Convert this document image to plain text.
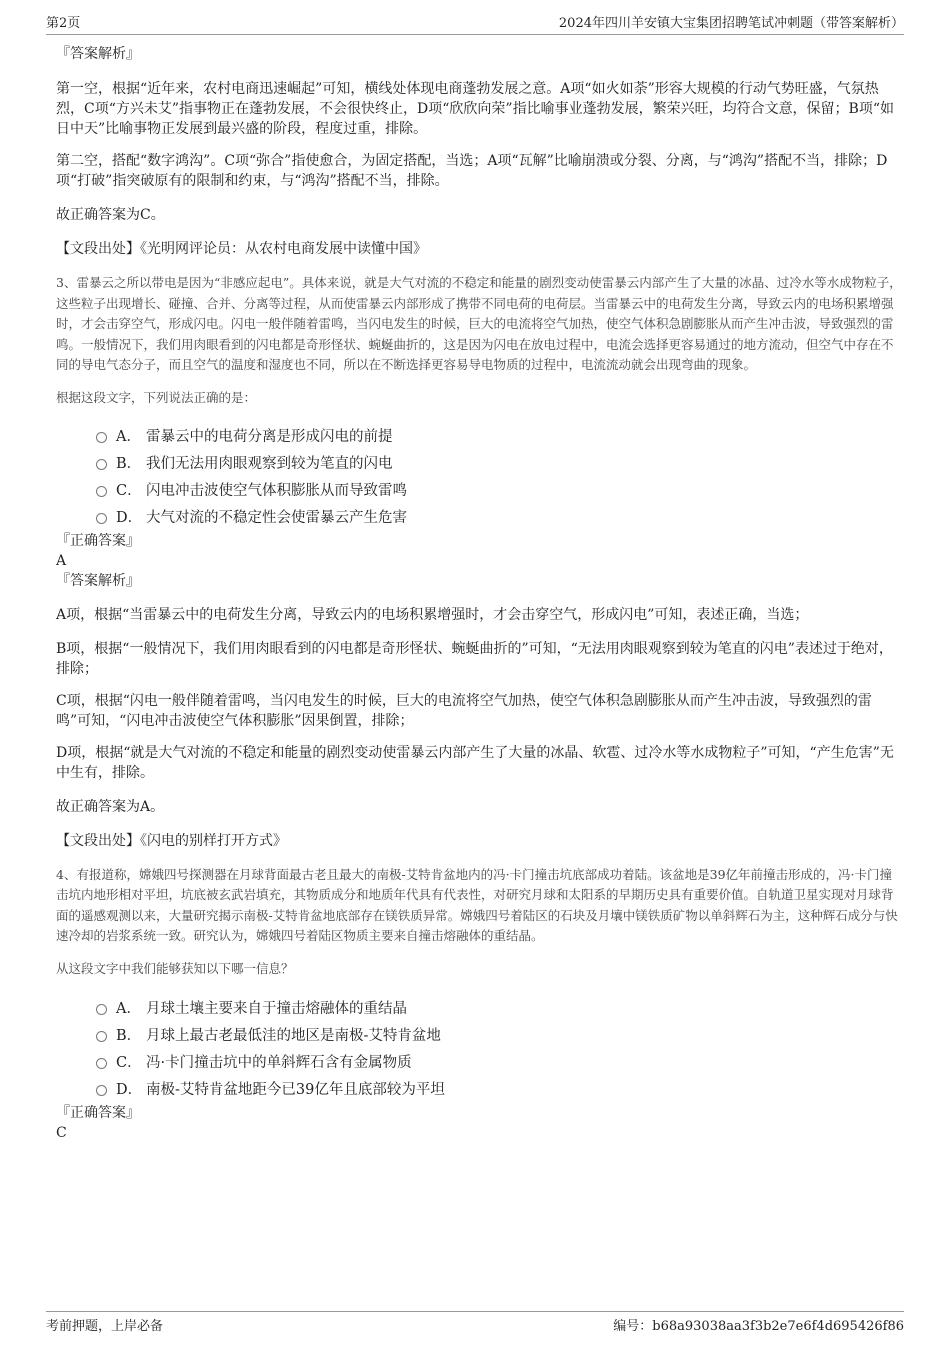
第2页	2024年四川羊安镇大宝集团招聘笔试冲刺题（带答案解析）
『答案解析』

第一空，根据“近年来，农村电商迅速崛起”可知，横线处体现电商蓬勃发展之意。A项“如火如荼”形容大规模的行动气势旺盛，气氛热烈，C项“方兴未艾”指事物正在蓬勃发展，不会很快终止，D项“欣欣向荣”指比喻事业蓬勃发展，繁荣兴旺，均符合文意，保留；B项“如日中天”比喻事物正发展到最兴盛的阶段，程度过重，排除。

第二空，搭配“数字鸿沟”。C项“弥合”指使愈合，为固定搭配，当选；A项“瓦解”比喻崩溃或分裂、分离，与“鸿沟”搭配不当，排除；D项“打破”指突破原有的限制和约束，与“鸿沟”搭配不当，排除。

故正确答案为C。

【文段出处】《光明网评论员：从农村电商发展中读懂中国》

3、雷暴云之所以带电是因为“非感应起电”。具体来说，就是大气对流的不稳定和能量的剧烈变动使雷暴云内部产生了大量的冰晶、过冷水等水成物粒子，这些粒子出现增长、碰撞、合并、分离等过程，从而使雷暴云内部形成了携带不同电荷的电荷层。当雷暴云中的电荷发生分离，导致云内的电场积累增强时，才会击穿空气，形成闪电。闪电一般伴随着雷鸣，当闪电发生的时候，巨大的电流将空气加热，使空气体积急剧膨胀从而产生冲击波，导致强烈的雷鸣。一般情况下，我们用肉眼看到的闪电都是奇形怪状、蜿蜒曲折的，这是因为闪电在放电过程中，电流会选择更容易通过的地方流动，但空气中存在不同的导电气态分子，而且空气的温度和湿度也不同，所以在不断选择更容易导电物质的过程中，电流流动就会出现弯曲的现象。

根据这段文字，下列说法正确的是：
A． 雷暴云中的电荷分离是形成闪电的前提
B． 我们无法用肉眼观察到较为笔直的闪电
C． 闪电冲击波使空气体积膨胀从而导致雷鸣
D． 大气对流的不稳定性会使雷暴云产生危害
『正确答案』
A
『答案解析』

A项，根据“当雷暴云中的电荷发生分离，导致云内的电场积累增强时，才会击穿空气，形成闪电”可知，表述正确，当选；

B项，根据“一般情况下，我们用肉眼看到的闪电都是奇形怪状、蜿蜒曲折的”可知，“无法用肉眼观察到较为笔直的闪电”表述过于绝对，排除；

C项，根据“闪电一般伴随着雷鸣，当闪电发生的时候，巨大的电流将空气加热，使空气体积急剧膨胀从而产生冲击波，导致强烈的雷鸣”可知，“闪电冲击波使空气体积膨胀”因果倒置，排除；

D项，根据“就是大气对流的不稳定和能量的剧烈变动使雷暴云内部产生了大量的冰晶、软雹、过冷水等水成物粒子”可知，“产生危害”无中生有，排除。

故正确答案为A。

【文段出处】《闪电的别样打开方式》

4、有报道称，嫦娥四号探测器在月球背面最古老且最大的南极-艾特肯盆地内的冯·卡门撞击坑底部成功着陆。该盆地是39亿年前撞击形成的，冯·卡门撞击坑内地形相对平坦，坑底被玄武岩填充，其物质成分和地质年代具有代表性，对研究月球和太阳系的早期历史具有重要价值。自轨道卫星实现对月球背面的遥感观测以来，大量研究揭示南极-艾特肯盆地底部存在镁铁质异常。嫦娥四号着陆区的石块及月壤中镁铁质矿物以单斜辉石为主，这种辉石成分与快速冷却的岩浆系统一致。研究认为，嫦娥四号着陆区物质主要来自撞击熔融体的重结晶。

从这段文字中我们能够获知以下哪一信息？
A． 月球土壤主要来自于撞击熔融体的重结晶
B． 月球上最古老最低洼的地区是南极-艾特肯盆地
C． 冯·卡门撞击坑中的单斜辉石含有金属物质
D． 南极-艾特肯盆地距今已39亿年且底部较为平坦
『正确答案』
C
考前押题，上岸必备	编号：b68a93038aa3f3b2e7e6f4d695426f86
